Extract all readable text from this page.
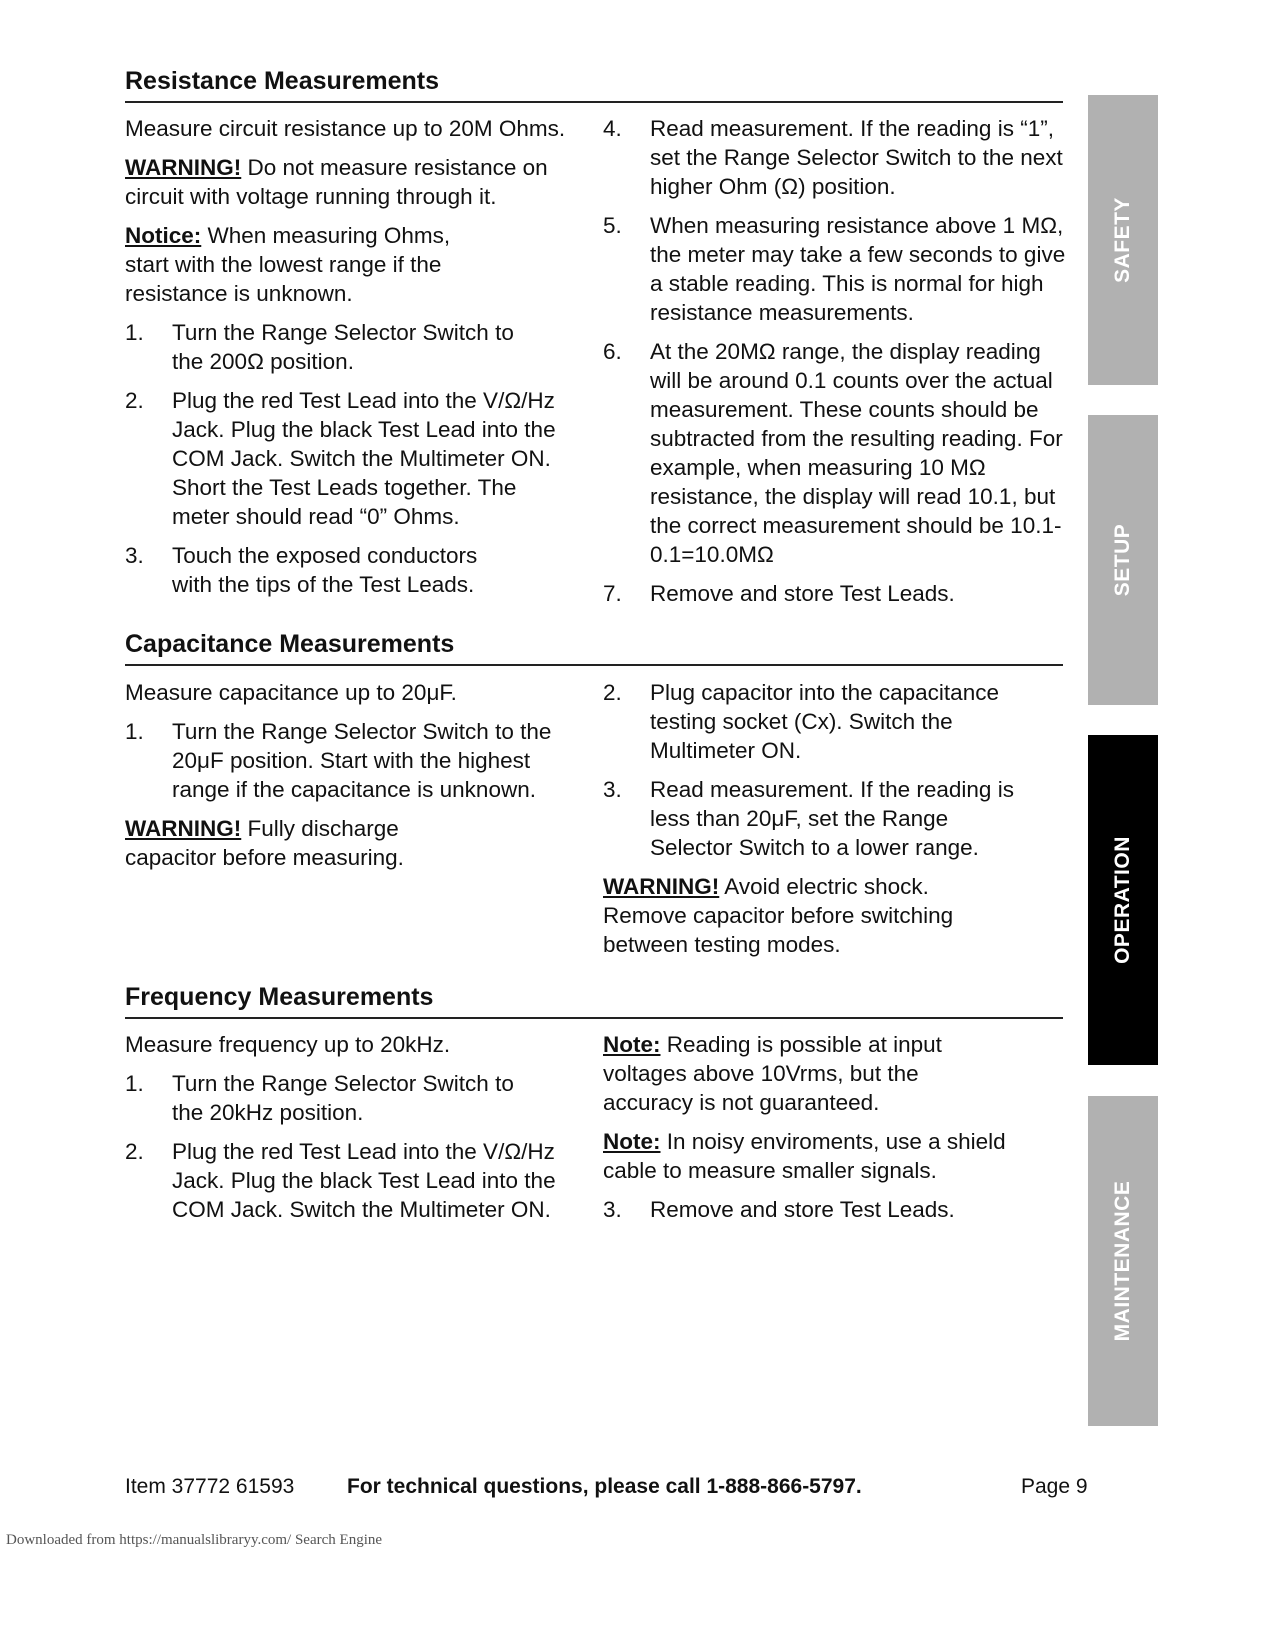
Resistance Measurements

Measure circuit resistance up to 20M Ohms.

WARNING! Do not measure resistance on circuit with voltage running through it.

Notice: When measuring Ohms, start with the lowest range if the resistance is unknown.

1.	Turn the Range Selector Switch to the 200Ω position.
2.	Plug the red Test Lead into the V/Ω/Hz Jack. Plug the black Test Lead into the COM Jack. Switch the Multimeter ON. Short the Test Leads together. The meter should read “0” Ohms.
3.	Touch the exposed conductors with the tips of the Test Leads.
4.	Read measurement. If the reading is “1”, set the Range Selector Switch to the next higher Ohm (Ω) position.
5.	When measuring resistance above 1 MΩ, the meter may take a few seconds to give a stable reading. This is normal for high resistance measurements.
6.	At the 20MΩ range, the display reading will be around 0.1 counts over the actual measurement. These counts should be subtracted from the resulting reading. For example, when measuring 10 MΩ resistance, the display will read 10.1, but the correct measurement should be 10.1-0.1=10.0MΩ
7.	Remove and store Test Leads.
Capacitance Measurements

Measure capacitance up to 20μF.

1.	Turn the Range Selector Switch to the 20μF position. Start with the highest range if the capacitance is unknown.

WARNING! Fully discharge capacitor before measuring.

2.	Plug capacitor into the capacitance testing socket (Cx). Switch the Multimeter ON.
3.	Read measurement. If the reading is less than 20μF, set the Range Selector Switch to a lower range.

WARNING! Avoid electric shock. Remove capacitor before switching between testing modes.

Frequency Measurements

Measure frequency up to 20kHz.

1.	Turn the Range Selector Switch to the 20kHz position.
2.	Plug the red Test Lead into the V/Ω/Hz Jack. Plug the black Test Lead into the COM Jack. Switch the Multimeter ON.

Note: Reading is possible at input voltages above 10Vrms, but the accuracy is not guaranteed.

Note: In noisy enviroments, use a shield cable to measure smaller signals.

3.	Remove and store Test Leads.
SAFETY
SETUP
OPERATION
MAINTENANCE
Item 37772 61593	For technical questions, please call 1-888-866-5797.	Page 9
Downloaded from https://manualslibraryy.com/ Search Engine
